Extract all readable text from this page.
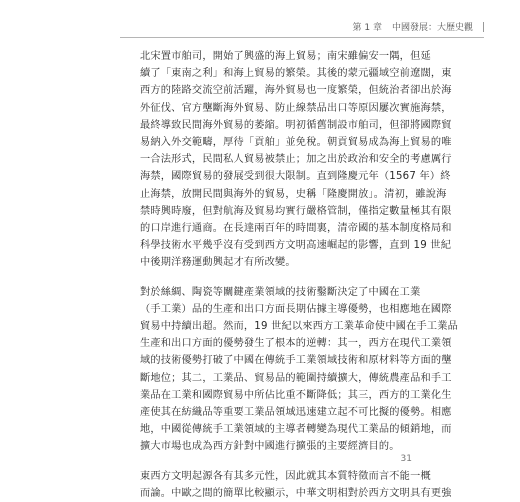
第 1 章 中國發展：大歷史觀
北宋置市舶司，開始了興盛的海上貿易；南宋雖偏安一隅，但延
續了「東南之利」和海上貿易的繁榮。其後的蒙元疆域空前遼闊，東
西方的陸路交流空前活躍，海外貿易也一度繁榮，但統治者卻出於海
外征伐、官方壟斷海外貿易、防止線禁品出口等原因屢次實施海禁，
最終導致民間海外貿易的萎縮。明初循舊制設市舶司，但卻將國際貿
易納入外交範疇，厚待「貢舶」並免稅。朝貢貿易成為海上貿易的唯
一合法形式，民間私人貿易被禁止；加之出於政治和安全的考慮厲行
海禁，國際貿易的發展受到很大限制。直到隆慶元年（1567 年）終
止海禁，放開民間與海外的貿易，史稱「隆慶開放」。清初，雖說海
禁時興時廢，但對航海及貿易均實行嚴格管制，僅指定數量極其有限
的口岸進行通商。在長達兩百年的時間裏，清帝國的基本制度格局和
科學技術水平幾乎沒有受到西方文明高速崛起的影響，直到 19 世紀
中後期洋務運動興起才有所改變。
對於絲綢、陶瓷等關鍵產業領域的技術鑿斷決定了中國在工業
（手工業）品的生產和出口方面長期佔據主導優勢，也相應地在國際
貿易中持續出超。然而，19 世紀以來西方工業革命使中國在手工業品
生產和出口方面的優勢發生了根本的逆轉：其一，西方在現代工業領
域的技術優勢打破了中國在傳統手工業領域技術和原材料等方面的壟
斷地位；其二，工業品、貿易品的範圍持續擴大，傳統農產品和手工
業品在工業和國際貿易中所佔比重不斷降低；其三，西方的工業化生
產使其在紡織品等重要工業品領域迅速建立起不可比擬的優勢。相應
地，中國從傳統手工業領域的主導者轉變為現代工業品的傾銷地，而
擴大市場也成為西方針對中國進行擴張的主要經濟目的。
東西方文明起源各有其多元性，因此就其本質特徵而言不能一概
而論。中歐之間的簡單比較顯示，中華文明相對於西方文明具有更強
31
